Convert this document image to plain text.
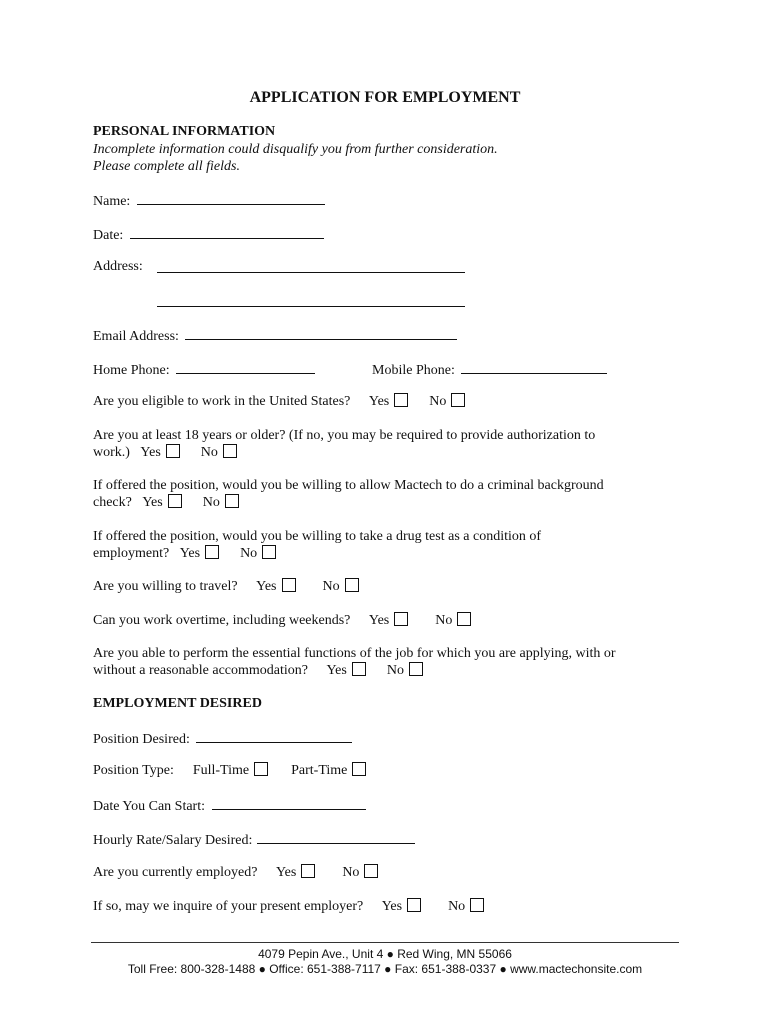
APPLICATION FOR EMPLOYMENT
PERSONAL INFORMATION
Incomplete information could disqualify you from further consideration.
Please complete all fields.
Name:
Date:
Address:
Email Address:
Home Phone:	Mobile Phone:
Are you eligible to work in the United States? Yes	No
Are you at least 18 years or older? (If no, you may be required to provide authorization to
work.) Yes	No
If offered the position, would you be willing to allow Mactech to do a criminal background
check? Yes	No
If offered the position, would you be willing to take a drug test as a condition of
employment? Yes	No
Are you willing to travel? Yes	No
Can you work overtime, including weekends? Yes	No
Are you able to perform the essential functions of the job for which you are applying, with or
without a reasonable accommodation? Yes	No
EMPLOYMENT DESIRED
Position Desired:
Position Type: Full-Time	Part-Time
Date You Can Start:
Hourly Rate/Salary Desired:
Are you currently employed? Yes	No
If so, may we inquire of your present employer? Yes	No
4079 Pepin Ave., Unit 4 ● Red Wing, MN 55066
Toll Free: 800-328-1488 ● Office: 651-388-7117 ● Fax: 651-388-0337 ● www.mactechonsite.com
